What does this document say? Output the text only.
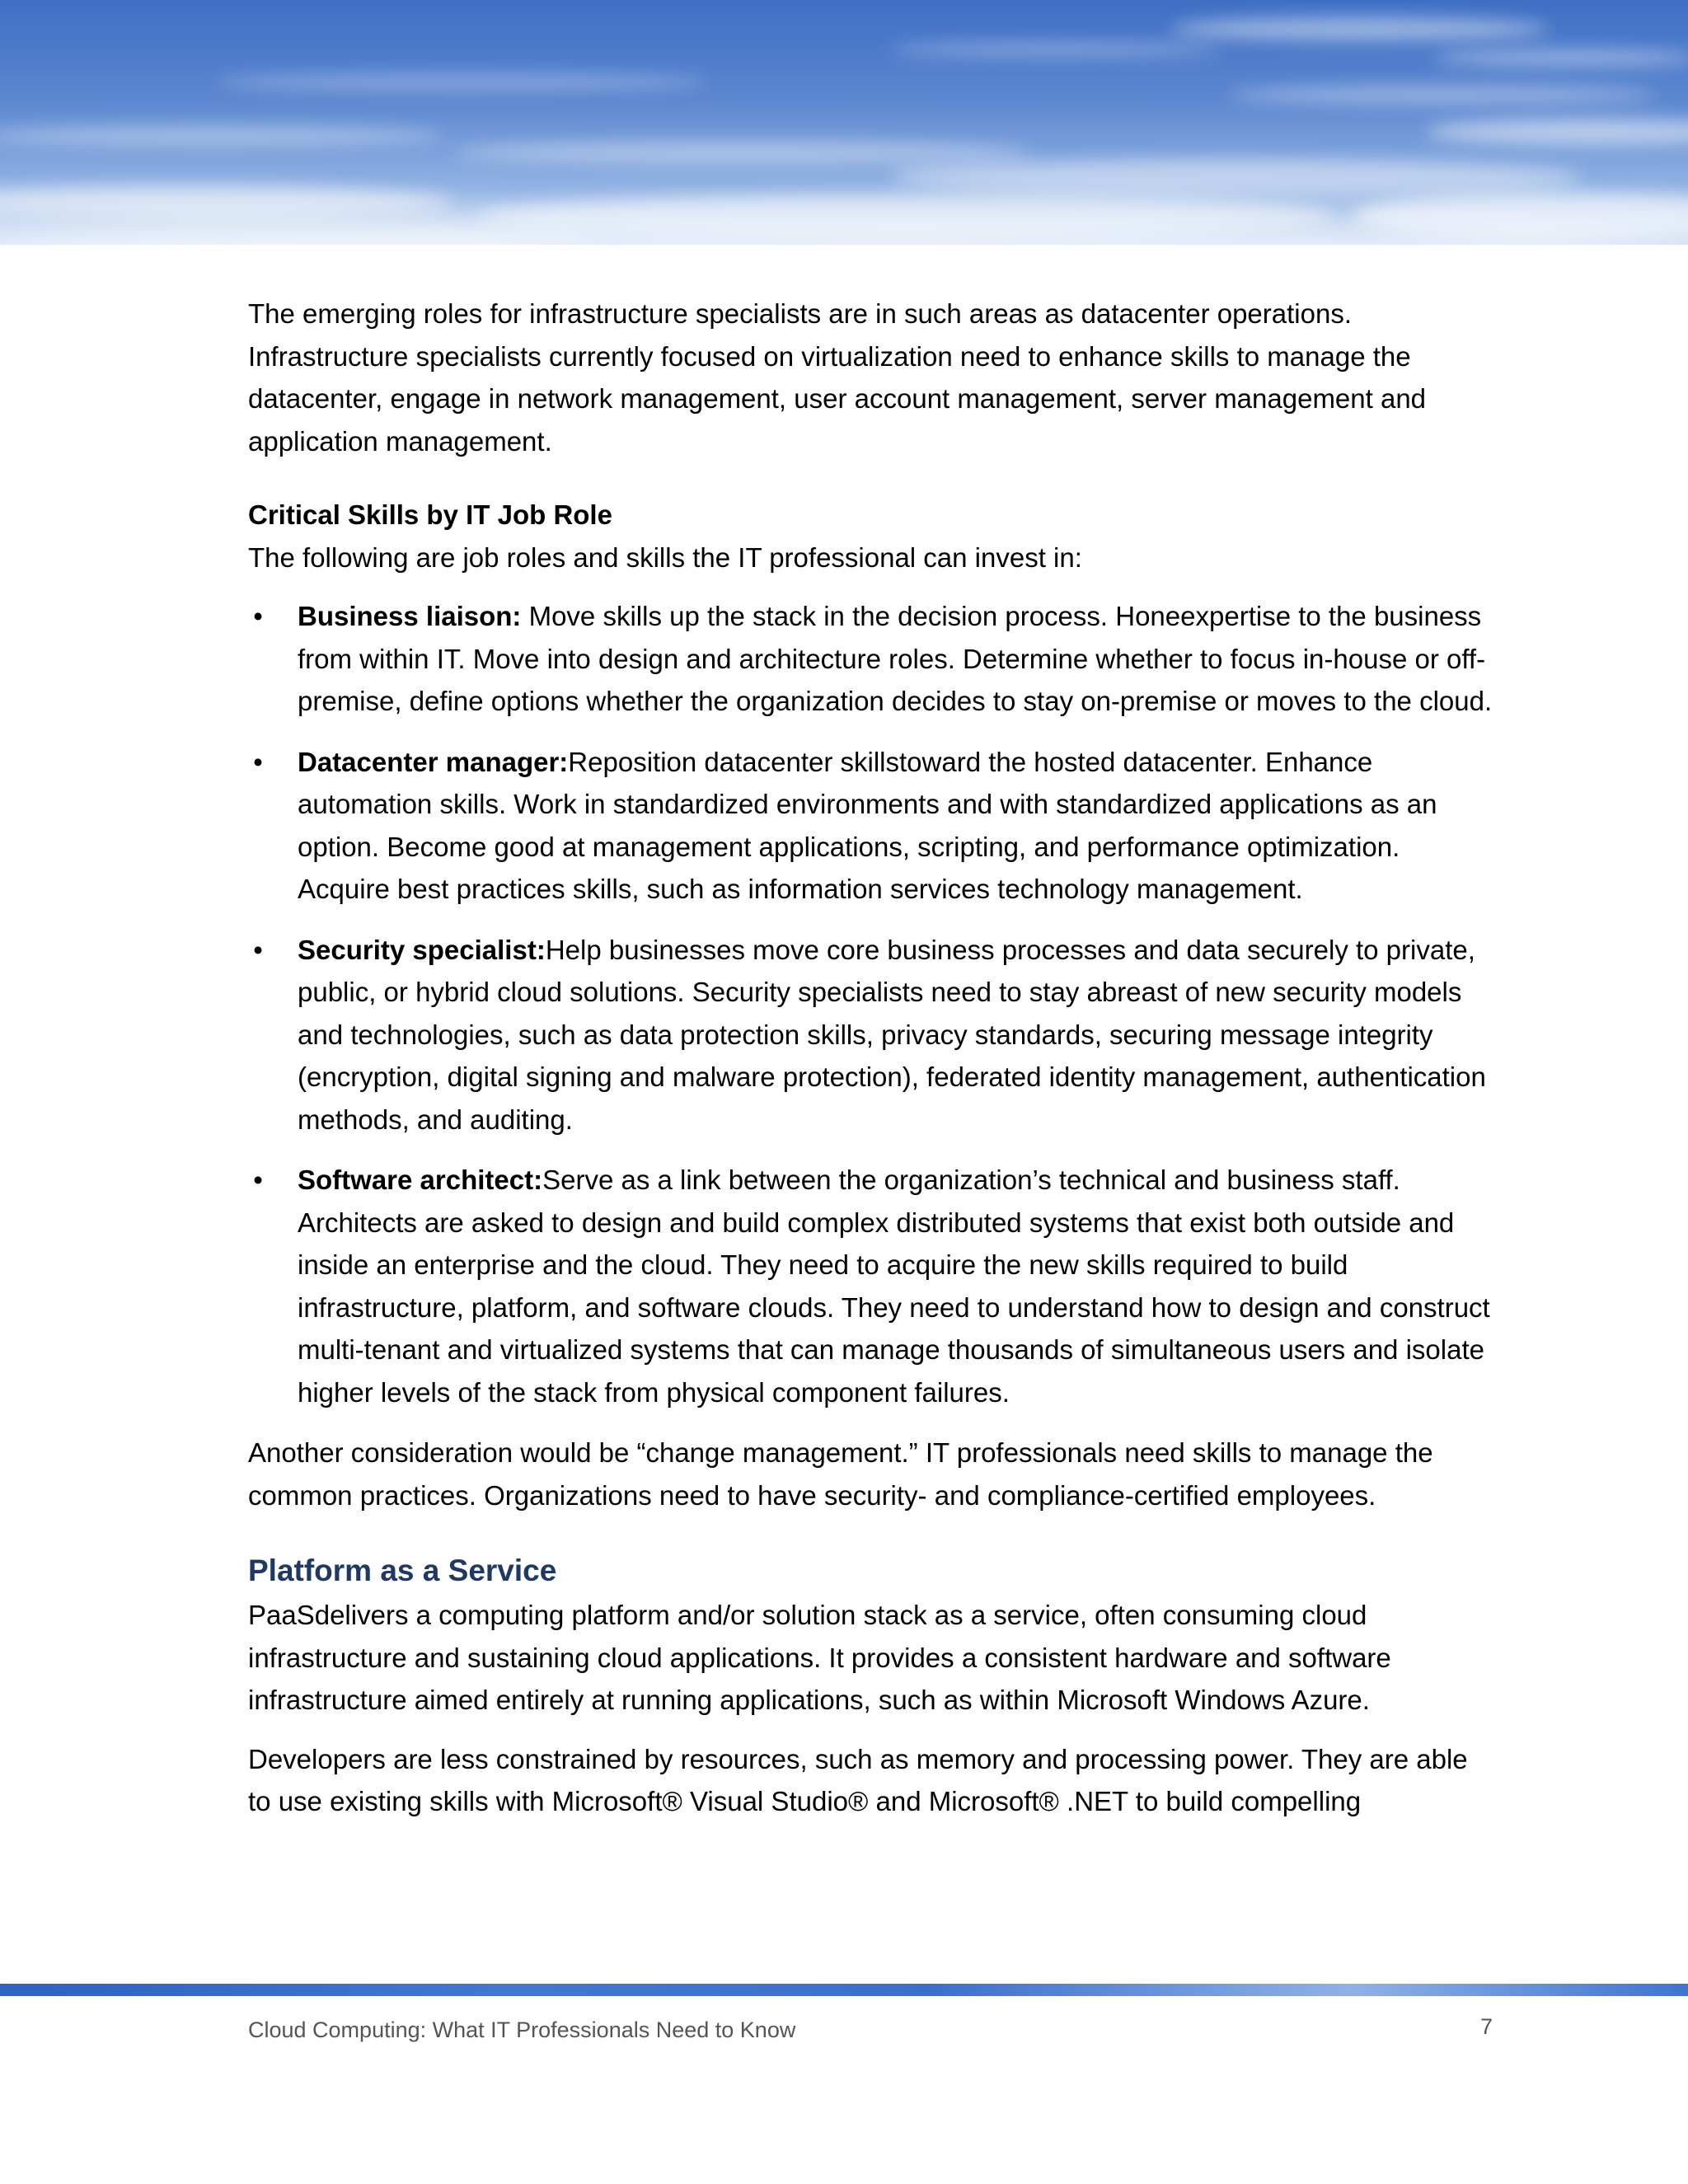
The emerging roles for infrastructure specialists are in such areas as datacenter operations. Infrastructure specialists currently focused on virtualization need to enhance skills to manage the datacenter, engage in network management, user account management, server management and application management.

Critical Skills by IT Job Role

The following are job roles and skills the IT professional can invest in:

• Business liaison: Move skills up the stack in the decision process. Honeexpertise to the business from within IT. Move into design and architecture roles. Determine whether to focus in-house or off-premise, define options whether the organization decides to stay on-premise or moves to the cloud.
• Datacenter manager:Reposition datacenter skillstoward the hosted datacenter. Enhance automation skills. Work in standardized environments and with standardized applications as an option. Become good at management applications, scripting, and performance optimization. Acquire best practices skills, such as information services technology management.
• Security specialist:Help businesses move core business processes and data securely to private, public, or hybrid cloud solutions. Security specialists need to stay abreast of new security models and technologies, such as data protection skills, privacy standards, securing message integrity (encryption, digital signing and malware protection), federated identity management, authentication methods, and auditing.
• Software architect:Serve as a link between the organization’s technical and business staff. Architects are asked to design and build complex distributed systems that exist both outside and inside an enterprise and the cloud. They need to acquire the new skills required to build infrastructure, platform, and software clouds. They need to understand how to design and construct multi-tenant and virtualized systems that can manage thousands of simultaneous users and isolate higher levels of the stack from physical component failures.

Another consideration would be “change management.” IT professionals need skills to manage the common practices. Organizations need to have security- and compliance-certified employees.

Platform as a Service

PaaSdelivers a computing platform and/or solution stack as a service, often consuming cloud infrastructure and sustaining cloud applications. It provides a consistent hardware and software infrastructure aimed entirely at running applications, such as within Microsoft Windows Azure.

Developers are less constrained by resources, such as memory and processing power. They are able to use existing skills with Microsoft® Visual Studio® and Microsoft® .NET to build compelling

Cloud Computing: What IT Professionals Need to Know	7
